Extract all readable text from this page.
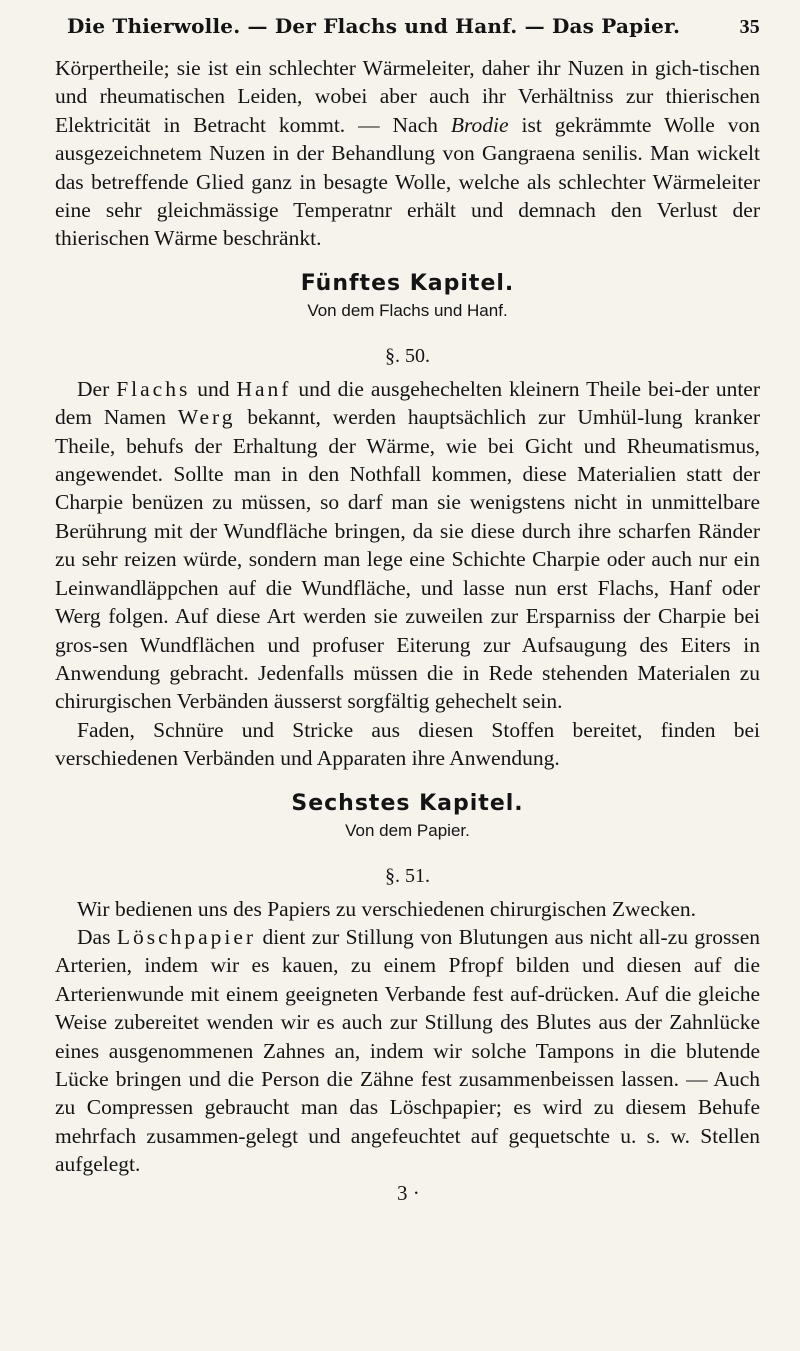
Die Thierwolle. — Der Flachs und Hanf. — Das Papier.	35

Körpertheile; sie ist ein schlechter Wärmeleiter, daher ihr Nuzen in gich-tischen und rheumatischen Leiden, wobei aber auch ihr Verhältniss zur thierischen Elektricität in Betracht kommt. — Nach Brodie ist gekrämmte Wolle von ausgezeichnetem Nuzen in der Behandlung von Gangraena senilis. Man wickelt das betreffende Glied ganz in besagte Wolle, welche als schlechter Wärmeleiter eine sehr gleichmässige Temperatnr erhält und demnach den Verlust der thierischen Wärme beschränkt.

Fünftes Kapitel.
Von dem Flachs und Hanf.
§. 50.

Der Flachs und Hanf und die ausgehechelten kleinern Theile bei-der unter dem Namen Werg bekannt, werden hauptsächlich zur Umhül-lung kranker Theile, behufs der Erhaltung der Wärme, wie bei Gicht und Rheumatismus, angewendet. Sollte man in den Nothfall kommen, diese Materialien statt der Charpie benüzen zu müssen, so darf man sie wenigstens nicht in unmittelbare Berührung mit der Wundfläche bringen, da sie diese durch ihre scharfen Ränder zu sehr reizen würde, sondern man lege eine Schichte Charpie oder auch nur ein Leinwandläppchen auf die Wundfläche, und lasse nun erst Flachs, Hanf oder Werg folgen. Auf diese Art werden sie zuweilen zur Ersparniss der Charpie bei gros-sen Wundflächen und profuser Eiterung zur Aufsaugung des Eiters in Anwendung gebracht. Jedenfalls müssen die in Rede stehenden Materialen zu chirurgischen Verbänden äusserst sorgfältig gehechelt sein.

Faden, Schnüre und Stricke aus diesen Stoffen bereitet, finden bei verschiedenen Verbänden und Apparaten ihre Anwendung.

Sechstes Kapitel.
Von dem Papier.
§. 51.

Wir bedienen uns des Papiers zu verschiedenen chirurgischen Zwecken.

Das Löschpapier dient zur Stillung von Blutungen aus nicht all-zu grossen Arterien, indem wir es kauen, zu einem Pfropf bilden und diesen auf die Arterienwunde mit einem geeigneten Verbande fest auf-drücken. Auf die gleiche Weise zubereitet wenden wir es auch zur Stillung des Blutes aus der Zahnlücke eines ausgenommenen Zahnes an, indem wir solche Tampons in die blutende Lücke bringen und die Person die Zähne fest zusammenbeissen lassen. — Auch zu Compressen gebraucht man das Löschpapier; es wird zu diesem Behufe mehrfach zusammen-gelegt und angefeuchtet auf gequetschte u. s. w. Stellen aufgelegt.

3 ·
